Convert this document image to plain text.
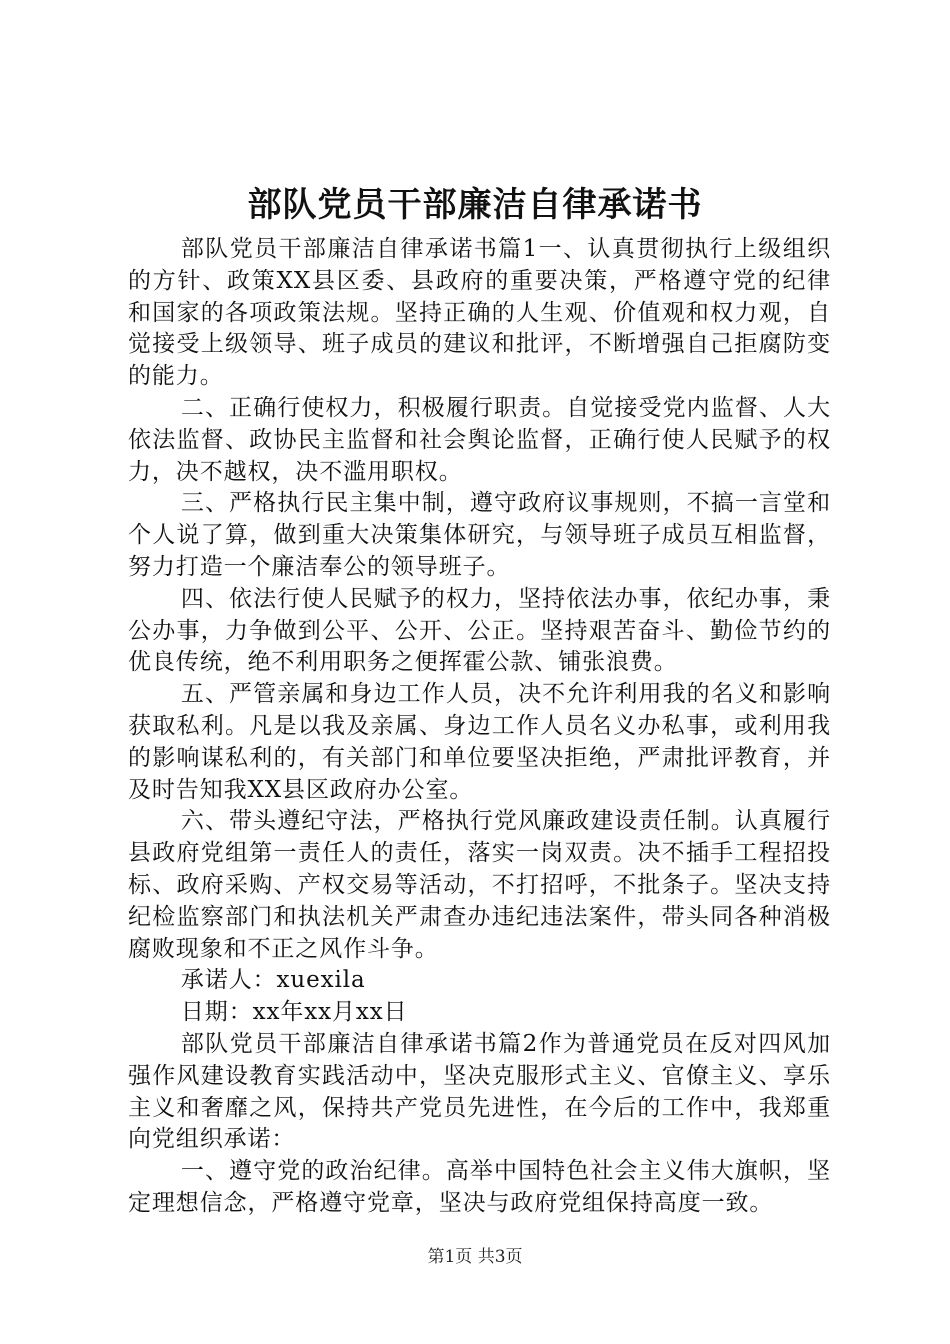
部队党员干部廉洁自律承诺书

部队党员干部廉洁自律承诺书篇1一、认真贯彻执行上级组织的方针、政策XX县区委、县政府的重要决策，严格遵守党的纪律和国家的各项政策法规。坚持正确的人生观、价值观和权力观，自觉接受上级领导、班子成员的建议和批评，不断增强自己拒腐防变的能力。

二、正确行使权力，积极履行职责。自觉接受党内监督、人大依法监督、政协民主监督和社会舆论监督，正确行使人民赋予的权力，决不越权，决不滥用职权。

三、严格执行民主集中制，遵守政府议事规则，不搞一言堂和个人说了算，做到重大决策集体研究，与领导班子成员互相监督，努力打造一个廉洁奉公的领导班子。

四、依法行使人民赋予的权力，坚持依法办事，依纪办事，秉公办事，力争做到公平、公开、公正。坚持艰苦奋斗、勤俭节约的优良传统，绝不利用职务之便挥霍公款、铺张浪费。

五、严管亲属和身边工作人员，决不允许利用我的名义和影响获取私利。凡是以我及亲属、身边工作人员名义办私事，或利用我的影响谋私利的，有关部门和单位要坚决拒绝，严肃批评教育，并及时告知我XX县区政府办公室。

六、带头遵纪守法，严格执行党风廉政建设责任制。认真履行县政府党组第一责任人的责任，落实一岗双责。决不插手工程招投标、政府采购、产权交易等活动，不打招呼，不批条子。坚决支持纪检监察部门和执法机关严肃查办违纪违法案件，带头同各种消极腐败现象和不正之风作斗争。

承诺人：xuexila

日期：xx年xx月xx日

部队党员干部廉洁自律承诺书篇2作为普通党员在反对四风加强作风建设教育实践活动中，坚决克服形式主义、官僚主义、享乐主义和奢靡之风，保持共产党员先进性，在今后的工作中，我郑重向党组织承诺：

一、遵守党的政治纪律。高举中国特色社会主义伟大旗帜，坚定理想信念，严格遵守党章，坚决与政府党组保持高度一致。

第1页 共3页
